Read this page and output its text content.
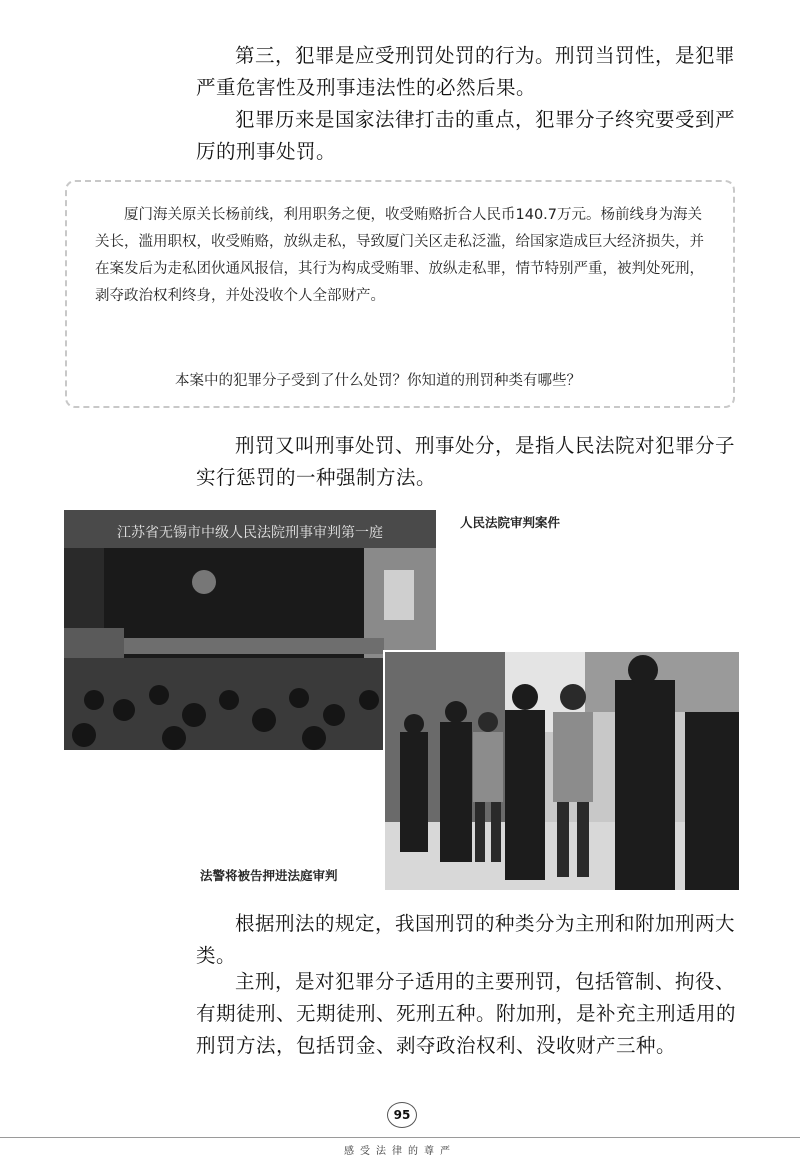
第三，犯罪是应受刑罚处罚的行为。刑罚当罚性，是犯罪严重危害性及刑事违法性的必然后果。

犯罪历来是国家法律打击的重点，犯罪分子终究要受到严厉的刑事处罚。

厦门海关原关长杨前线，利用职务之便，收受贿赂折合人民币140.7万元。杨前线身为海关关长，滥用职权，收受贿赂，放纵走私，导致厦门关区走私泛滥，给国家造成巨大经济损失，并在案发后为走私团伙通风报信，其行为构成受贿罪、放纵走私罪，情节特别严重，被判处死刑，剥夺政治权利终身，并处没收个人全部财产。

本案中的犯罪分子受到了什么处罚？你知道的刑罚种类有哪些？

刑罚又叫刑事处罚、刑事处分，是指人民法院对犯罪分子实行惩罚的一种强制方法。

人民法院审判案件
江苏省无锡市中级人民法院刑事审判第一庭
法警将被告押进法庭审判

根据刑法的规定，我国刑罚的种类分为主刑和附加刑两大类。

主刑，是对犯罪分子适用的主要刑罚，包括管制、拘役、有期徒刑、无期徒刑、死刑五种。附加刑，是补充主刑适用的刑罚方法，包括罚金、剥夺政治权利、没收财产三种。

95
感受法律的尊严
